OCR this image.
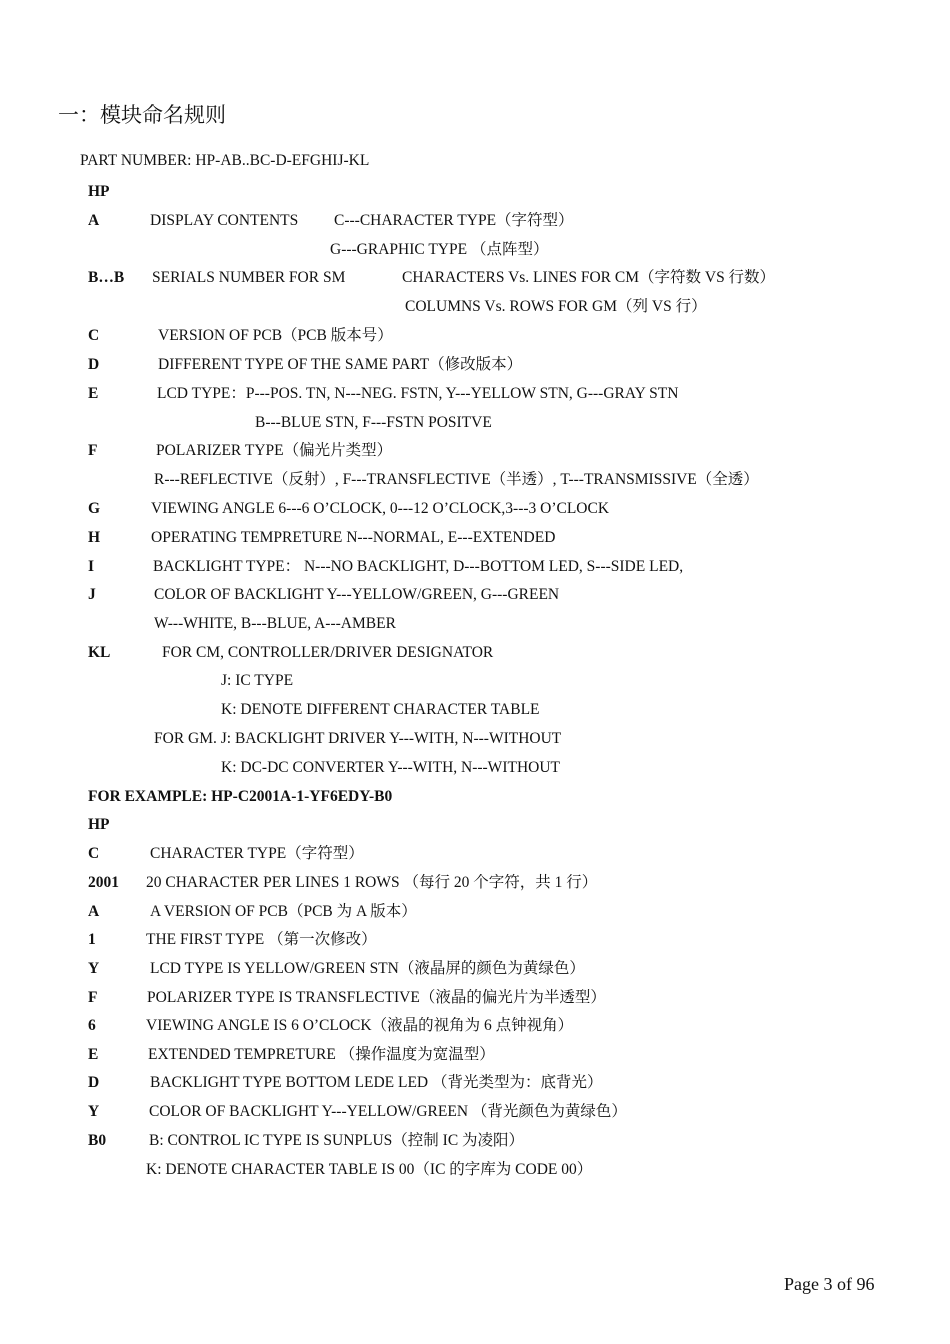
一：模块命名规则
PART NUMBER: HP-AB..BC-D-EFGHIJ-KL
HP
A	DISPLAY CONTENTS C---CHARACTER TYPE（字符型）
G---GRAPHIC TYPE （点阵型）
B…B SERIALS NUMBER FOR SM	CHARACTERS Vs. LINES FOR CM（字符数 VS 行数）
COLUMNS Vs. ROWS FOR GM（列 VS 行）
C	VERSION OF PCB（PCB 版本号）
D	DIFFERENT TYPE OF THE SAME PART（修改版本）
E	LCD TYPE：P---POS. TN, N---NEG. FSTN, Y---YELLOW STN, G---GRAY STN
B---BLUE STN, F---FSTN POSITVE
F	POLARIZER TYPE（偏光片类型）
R---REFLECTIVE（反射）, F---TRANSFLECTIVE（半透）, T---TRANSMISSIVE（全透）
G	VIEWING ANGLE 6---6 O’CLOCK, 0---12 O’CLOCK,3---3 O’CLOCK
H	OPERATING TEMPRETURE N---NORMAL, E---EXTENDED
I	BACKLIGHT TYPE： N---NO BACKLIGHT, D---BOTTOM LED, S---SIDE LED,
J	COLOR OF BACKLIGHT Y---YELLOW/GREEN, G---GREEN
W---WHITE, B---BLUE, A---AMBER
KL	FOR CM, CONTROLLER/DRIVER DESIGNATOR
J: IC TYPE
K: DENOTE DIFFERENT CHARACTER TABLE
FOR GM. J: BACKLIGHT DRIVER Y---WITH, N---WITHOUT
K: DC-DC CONVERTER Y---WITH, N---WITHOUT
FOR EXAMPLE: HP-C2001A-1-YF6EDY-B0
HP
C	CHARACTER TYPE（字符型）
2001 20 CHARACTER PER LINES 1 ROWS （每行 20 个字符，共 1 行）
A	A VERSION OF PCB（PCB 为 A 版本）
1	THE FIRST TYPE （第一次修改）
Y	LCD TYPE IS YELLOW/GREEN STN（液晶屏的颜色为黄绿色）
F	POLARIZER TYPE IS TRANSFLECTIVE（液晶的偏光片为半透型）
6	VIEWING ANGLE IS 6 O’CLOCK（液晶的视角为 6 点钟视角）
E	EXTENDED TEMPRETURE （操作温度为宽温型）
D	BACKLIGHT TYPE BOTTOM LEDE LED （背光类型为：底背光）
Y	COLOR OF BACKLIGHT Y---YELLOW/GREEN （背光颜色为黄绿色）
B0	B: CONTROL IC TYPE IS SUNPLUS（控制 IC 为凌阳）
K: DENOTE CHARACTER TABLE IS 00（IC 的字库为 CODE 00）
Page 3 of 96
